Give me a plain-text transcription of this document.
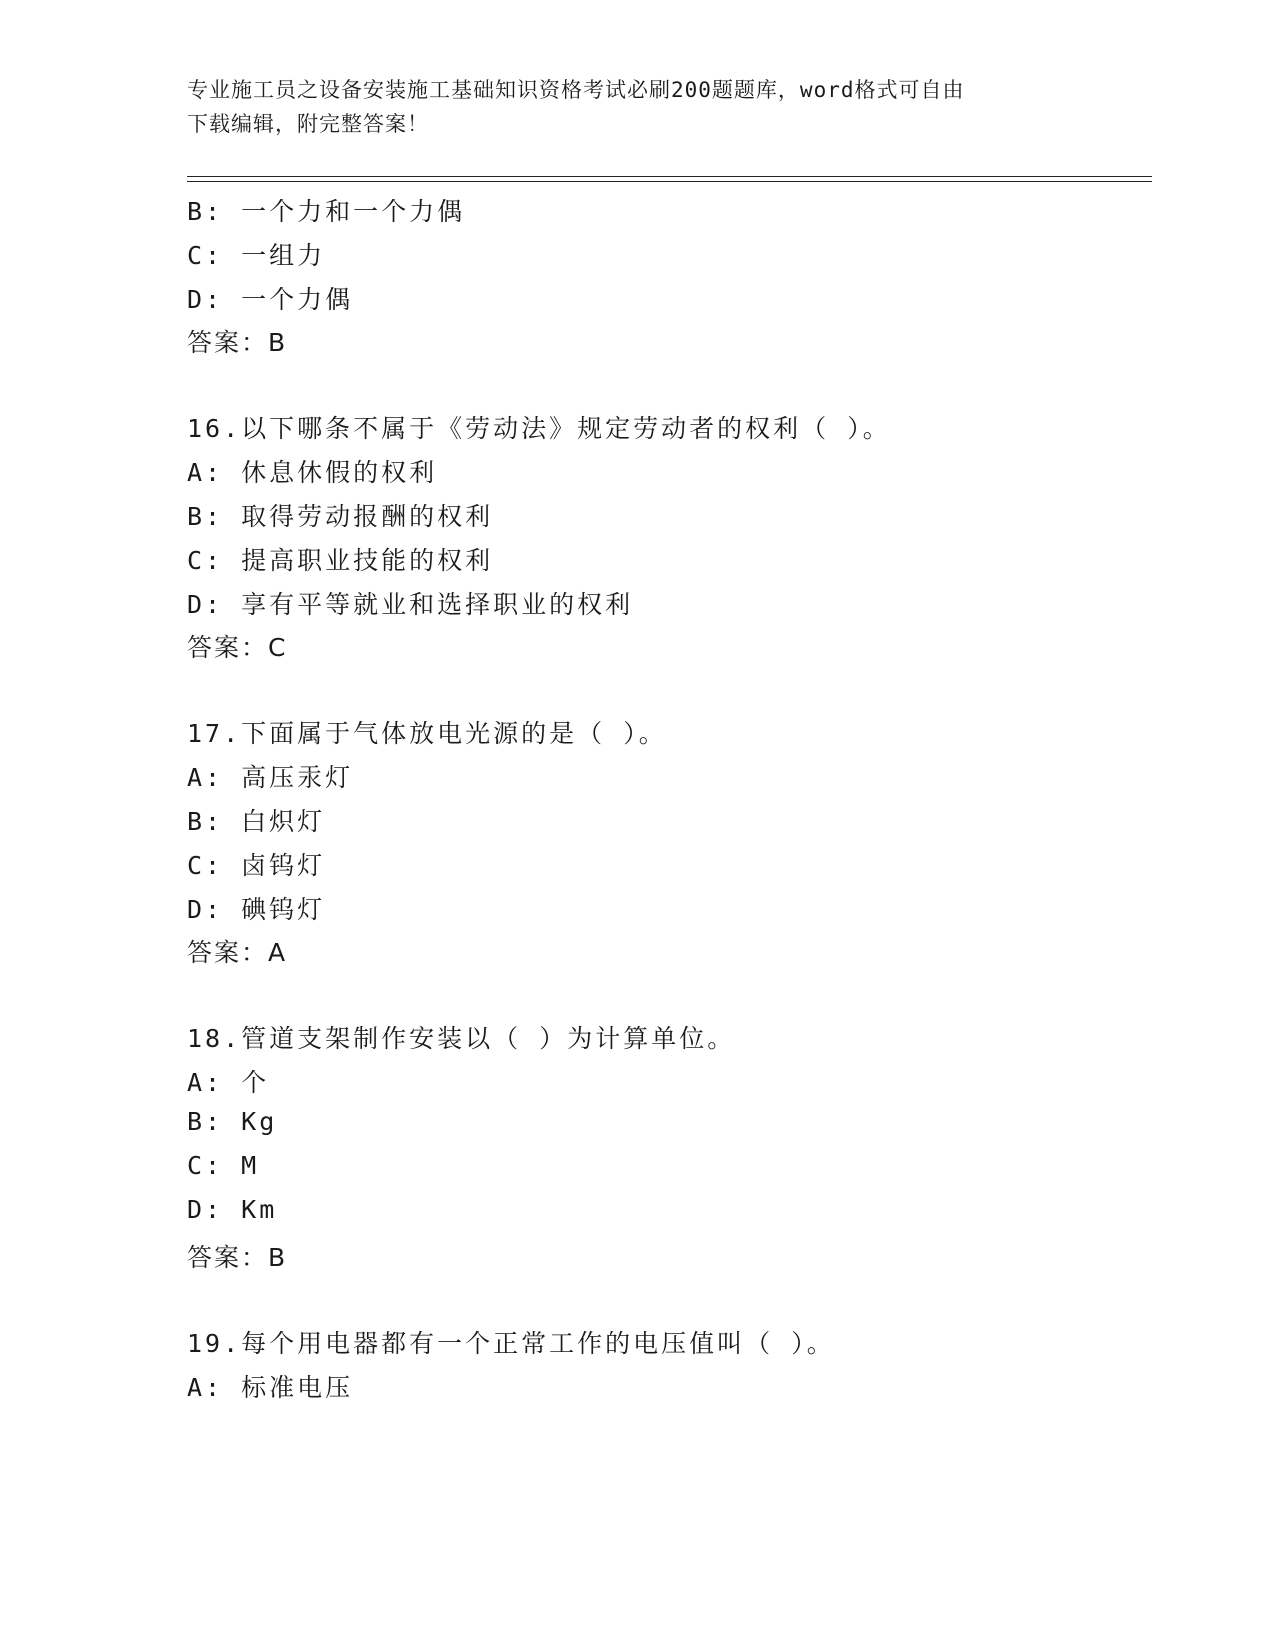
专业施工员之设备安装施工基础知识资格考试必刷200题题库，word格式可自由
下载编辑，附完整答案！
B: 一个力和一个力偶
C: 一组力
D: 一个力偶
答案：B
16.以下哪条不属于《劳动法》规定劳动者的权利（ ）。
A: 休息休假的权利
B: 取得劳动报酬的权利
C: 提高职业技能的权利
D: 享有平等就业和选择职业的权利
答案：C
17.下面属于气体放电光源的是（ ）。
A: 高压汞灯
B: 白炽灯
C: 卤钨灯
D: 碘钨灯
答案：A
18.管道支架制作安装以（ ）为计算单位。
A: 个
B: Kg
C: M
D: Km
答案：B
19.每个用电器都有一个正常工作的电压值叫（ ）。
A: 标准电压
